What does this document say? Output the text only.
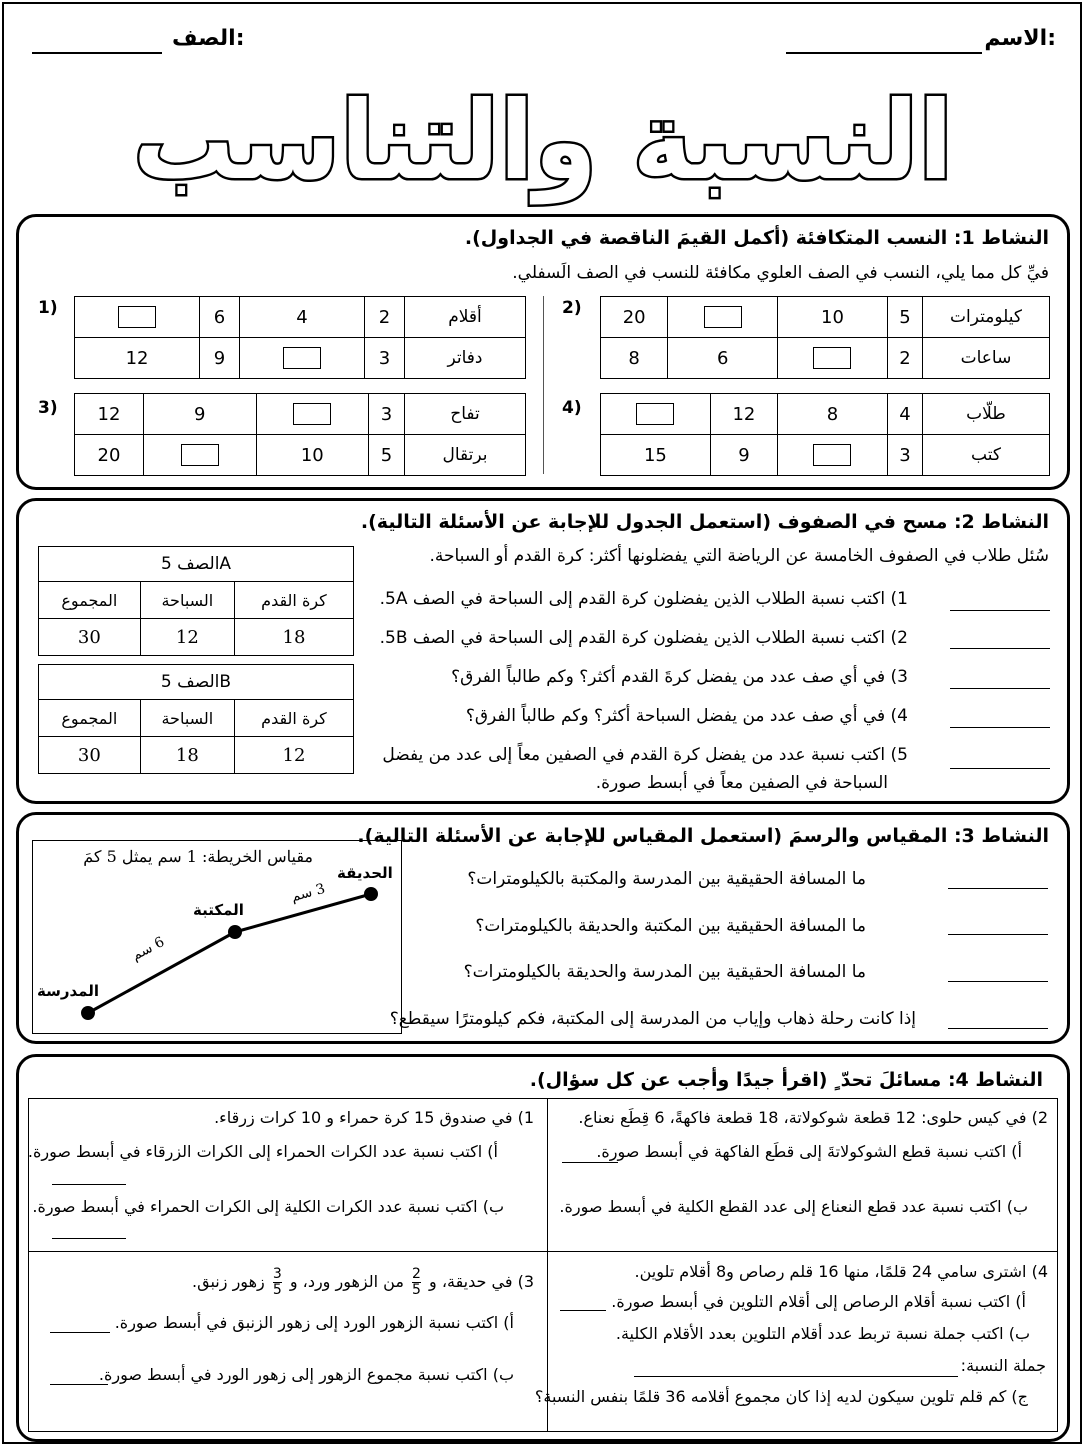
الاسم:
الصف:
النسبة والتناسب
النشاط 1: النسب المتكافئة (أكمل القيمَ الناقصة في الجداول).
فيِّ كل مما يلي، النسب في الصف العلوي مكافئة للنسب في الصف الَسفلي.
1)
		6	4	2	أقلام
12	9		3	دفاتر
2) 20		10	5	كيلومترات
8	6		2	ساعات
3) 12	9		3	تفاح
20		10	5	برتقال
4)
		12	8	4	طلّاب
15	9		3	كتب
النشاط 2: مسح في الصفوف (استعمل الجدول للإجابة عن الأسئلة التالية).
سُئل طلاب في الصفوف الخامسة عن الرياضة التي يفضلونها أكثر: كرة القدم أو السباحة.
الصف 5A		
المجموع	السباحة	كرة القدم
30	12	18
الصف 5B		
المجموع	السباحة	كرة القدم
30	18	12
1) اكتب نسبة الطلاب الذين يفضلون كرة القدم إلى السباحة في الصف 5A.
2) اكتب نسبة الطلاب الذين يفضلون كرة القدم إلى السباحة في الصف 5B.
3) في أي صف عدد من يفضل كرةَ القدم أكثر؟ وكم طالباً الفرق؟
4) في أي صف عدد من يفضل السباحة أكثر؟ وكم طالباً الفرق؟
5) اكتب نسبة عدد من يفضل كرة القدم في الصفين معاً إلى عدد من يفضل
السباحة في الصفين معاً في أبسط صورة.
النشاط 3: المقياس والرسمَ (استعمل المقياس للإجابة عن الأسئلة التالية).
مقياس الخريطة: 1 سم يمثل 5 كمَ
المدرسة
المكتبة
الحديقة
6 سم
3 سم
ما المسافة الحقيقية بين المدرسة والمكتبة بالكيلومترات؟
ما المسافة الحقيقية بين المكتبة والحديقة بالكيلومترات؟
ما المسافة الحقيقية بين المدرسة والحديقة بالكيلومترات؟
إذا كانت رحلة ذهاب وإياب من المدرسة إلى المكتبة، فكم كيلومترًا سيقطع؟
النشاط 4: مسائلَ تحدّ ٍ (اقرأ جيدًا وأجب عن كل سؤال).
1) في صندوق 15 كرة حمراء و 10 كرات زرقاء.
أ) اكتب نسبة عدد الكرات الحمراء إلى الكرات الزرقاء في أبسط صورة.
ب) اكتب نسبة عدد الكرات الكلية إلى الكرات الحمراء في أبسط صورة.
2) في كيس حلوى: 12 قطعة شوكولاتة، 18 قطعة فاكهةً، 6 قِطَع نعناع.
أ) اكتب نسبة قطع الشوكولاتةَ إلى قطَع الفاكهة في أبسط صورة.
ب) اكتب نسبة عدد قطع النعناع إلى عدد القطع الكلية في أبسط صورة.
3) في حديقة، و
$\frac{2}{5}$
من الزهور ورد، و
$\frac{3}{5}$
زهور زنبق.
أ) اكتب نسبة الزهور الورد إلى زهور الزنبق في أبسط صورة.
ب) اكتب نسبة مجموع الزهور إلى زهور الورد في أبسط صورة.
4) اشترى سامي 24 قلمًا، منها 16 قلم رصاص و8 أقلام تلوين.
أ) اكتب نسبة أقلام الرصاص إلى أقلام التلوين في أبسط صورة.
ب) اكتب جملة نسبة تربط عدد أقلام التلوين بعدد الأقلام الكلية.
جملة النسبة:
ج) كم قلم تلوين سيكون لديه إذا كان مجموع أقلامه 36 قلمًا بنفس النسبة؟
